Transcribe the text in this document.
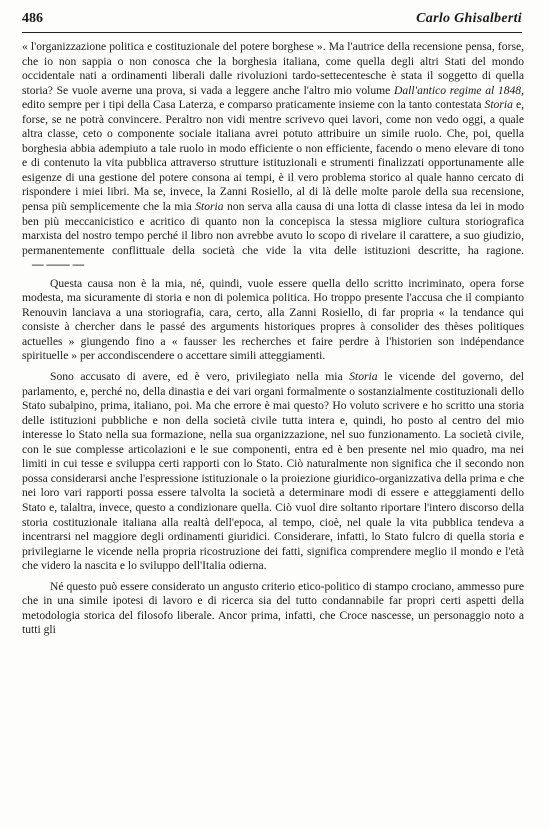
486	Carlo Ghisalberti

« l'organizzazione politica e costituzionale del potere borghese ». Ma l'autrice della recensione pensa, forse, che io non sappia o non conosca che la borghesia italiana, come quella degli altri Stati del mondo occidentale nati a ordinamenti liberali dalle rivoluzioni tardo-settecentesche è stata il soggetto di quella storia? Se vuole averne una prova, si vada a leggere anche l'altro mio volume Dall'antico regime al 1848, edito sempre per i tipi della Casa Laterza, e comparso praticamente insieme con la tanto contestata Storia e, forse, se ne potrà convincere. Peraltro non vidi mentre scrivevo quei lavori, come non vedo oggi, a quale altra classe, ceto o componente sociale italiana avrei potuto attribuire un simile ruolo. Che, poi, quella borghesia abbia adempiuto a tale ruolo in modo efficiente o non efficiente, facendo o meno elevare di tono e di contenuto la vita pubblica attraverso strutture istituzionali e strumenti finalizzati opportunamente alle esigenze di una gestione del potere consona ai tempi, è il vero problema storico al quale hanno cercato di rispondere i miei libri. Ma se, invece, la Zanni Rosiello, al di là delle molte parole della sua recensione, pensa più semplicemente che la mia Storia non serva alla causa di una lotta di classe intesa da lei in modo ben più meccanicistico e acritico di quanto non la concepisca la stessa migliore cultura storiografica marxista del nostro tempo perché il libro non avrebbe avuto lo scopo di rivelare il carattere, a suo giudizio, permanentemente conflittuale della società che vide la vita delle istituzioni descritte, ha ragione.— —— —

Questa causa non è la mia, né, quindi, vuole essere quella dello scritto incriminato, opera forse modesta, ma sicuramente di storia e non di polemica politica. Ho troppo presente l'accusa che il compianto Renouvin lanciava a una storiografia, cara, certo, alla Zanni Rosiello, di far propria « la tendance qui consiste à chercher dans le passé des arguments historiques propres à consolider des thèses politiques actuelles » giungendo fino a « fausser les recherches et faire perdre à l'historien son indépendance spirituelle » per accondiscendere o accettare simili atteggiamenti.

Sono accusato di avere, ed è vero, privilegiato nella mia Storia le vicende del governo, del parlamento, e, perché no, della dinastia e dei vari organi formalmente o sostanzialmente costituzionali dello Stato subalpino, prima, italiano, poi. Ma che errore è mai questo? Ho voluto scrivere e ho scritto una storia delle istituzioni pubbliche e non della società civile tutta intera e, quindi, ho posto al centro del mio interesse lo Stato nella sua formazione, nella sua organizzazione, nel suo funzionamento. La società civile, con le sue complesse articolazioni e le sue componenti, entra ed è ben presente nel mio quadro, ma nei limiti in cui tesse e sviluppa certi rapporti con lo Stato. Ciò naturalmente non significa che il secondo non possa considerarsi anche l'espressione istituzionale o la proiezione giuridico-organizzativa della prima e che nei loro vari rapporti possa essere talvolta la società a determinare modi di essere e atteggiamenti dello Stato e, talaltra, invece, questo a condizionare quella. Ciò vuol dire soltanto riportare l'intero discorso della storia costituzionale italiana alla realtà dell'epoca, al tempo, cioè, nel quale la vita pubblica tendeva a incentrarsi nel maggiore degli ordinamenti giuridici. Considerare, infatti, lo Stato fulcro di quella storia e privilegiarne le vicende nella propria ricostruzione dei fatti, significa comprendere meglio il mondo e l'età che videro la nascita e lo sviluppo dell'Italia odierna.

Né questo può essere considerato un angusto criterio etico-politico di stampo crociano, ammesso pure che in una simile ipotesi di lavoro e di ricerca sia del tutto condannabile far propri certi aspetti della metodologia storica del filosofo liberale. Ancor prima, infatti, che Croce nascesse, un personaggio noto a tutti gli
